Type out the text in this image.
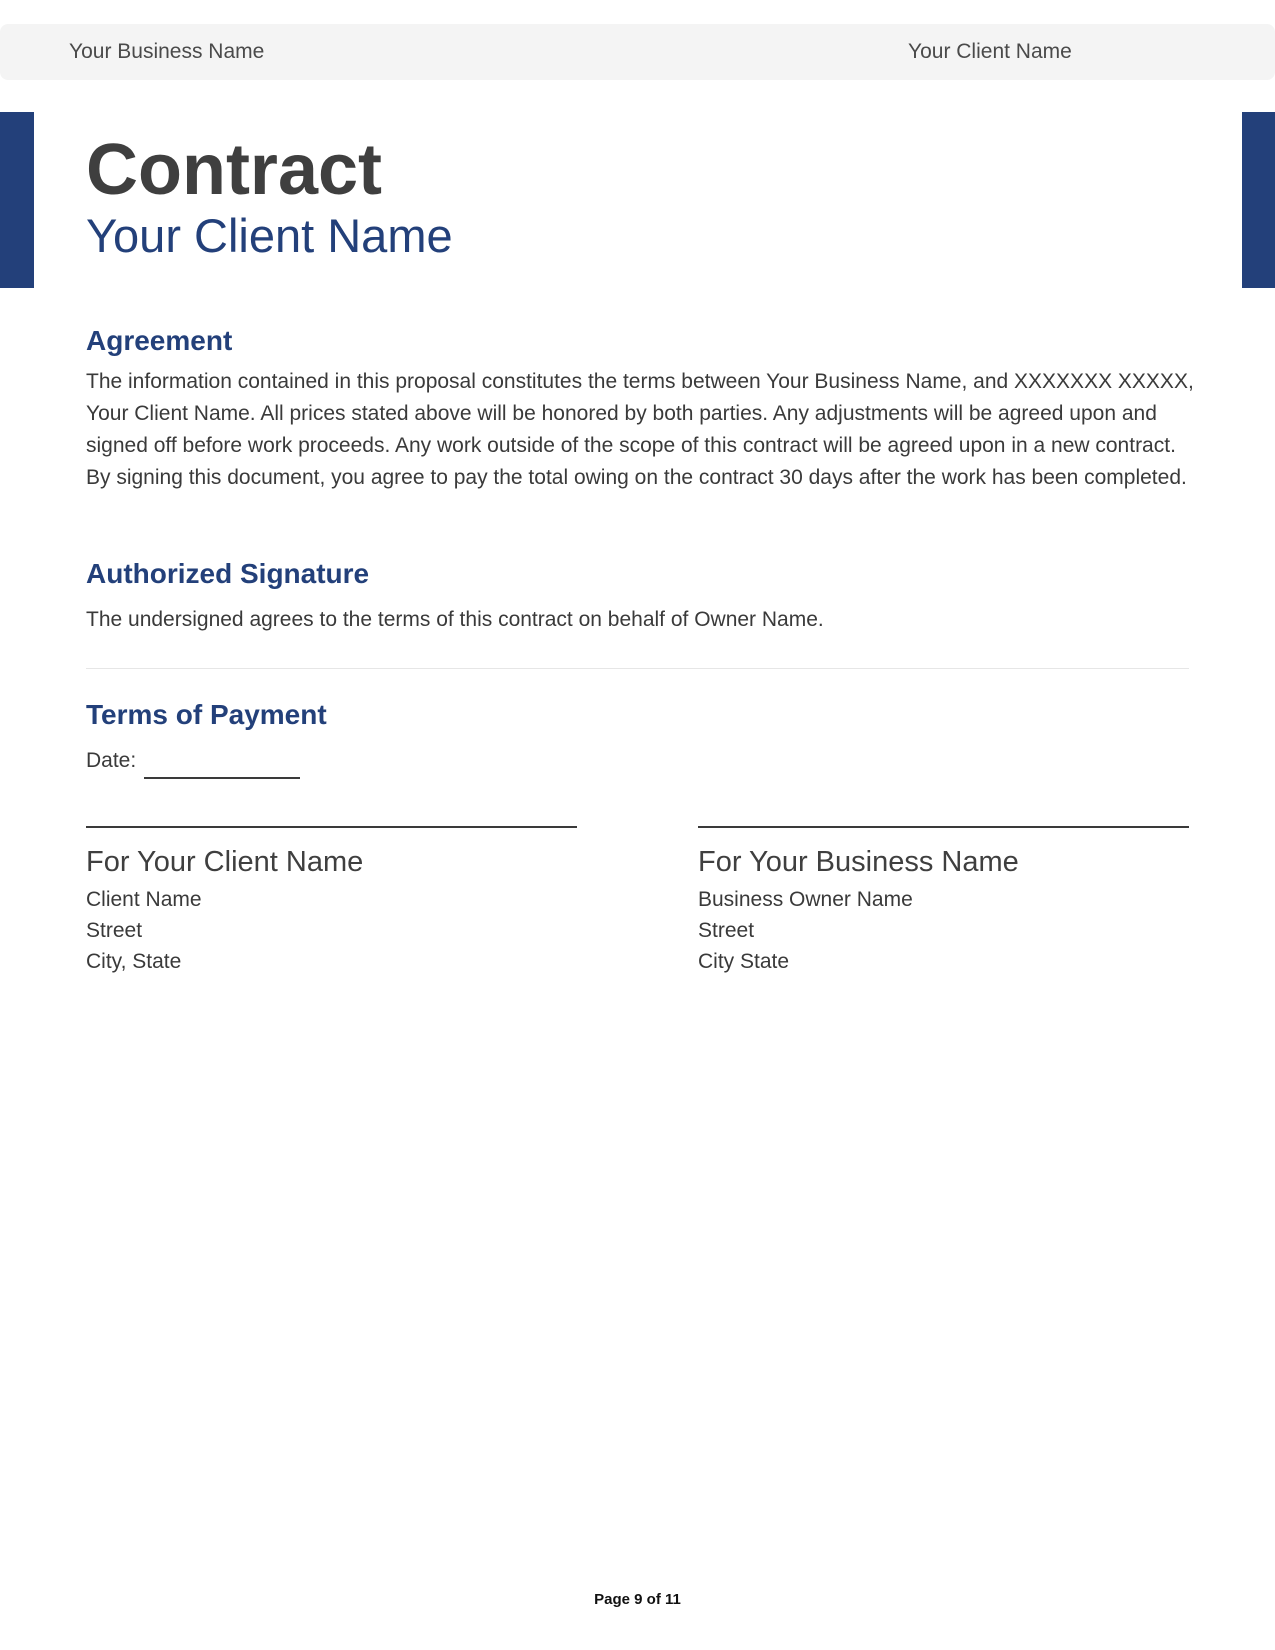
Your Business Name	Your Client Name
Contract
Your Client Name
Agreement
The information contained in this proposal constitutes the terms between Your Business Name, and XXXXXXX XXXXX, Your Client Name. All prices stated above will be honored by both parties. Any adjustments will be agreed upon and signed off before work proceeds. Any work outside of the scope of this contract will be agreed upon in a new contract. By signing this document, you agree to pay the total owing on the contract 30 days after the work has been completed.
Authorized Signature
The undersigned agrees to the terms of this contract on behalf of Owner Name.
Terms of Payment
Date:
For Your Client Name
Client Name
Street
City, State
For Your Business Name
Business Owner Name
Street
City State
Page 9 of 11
